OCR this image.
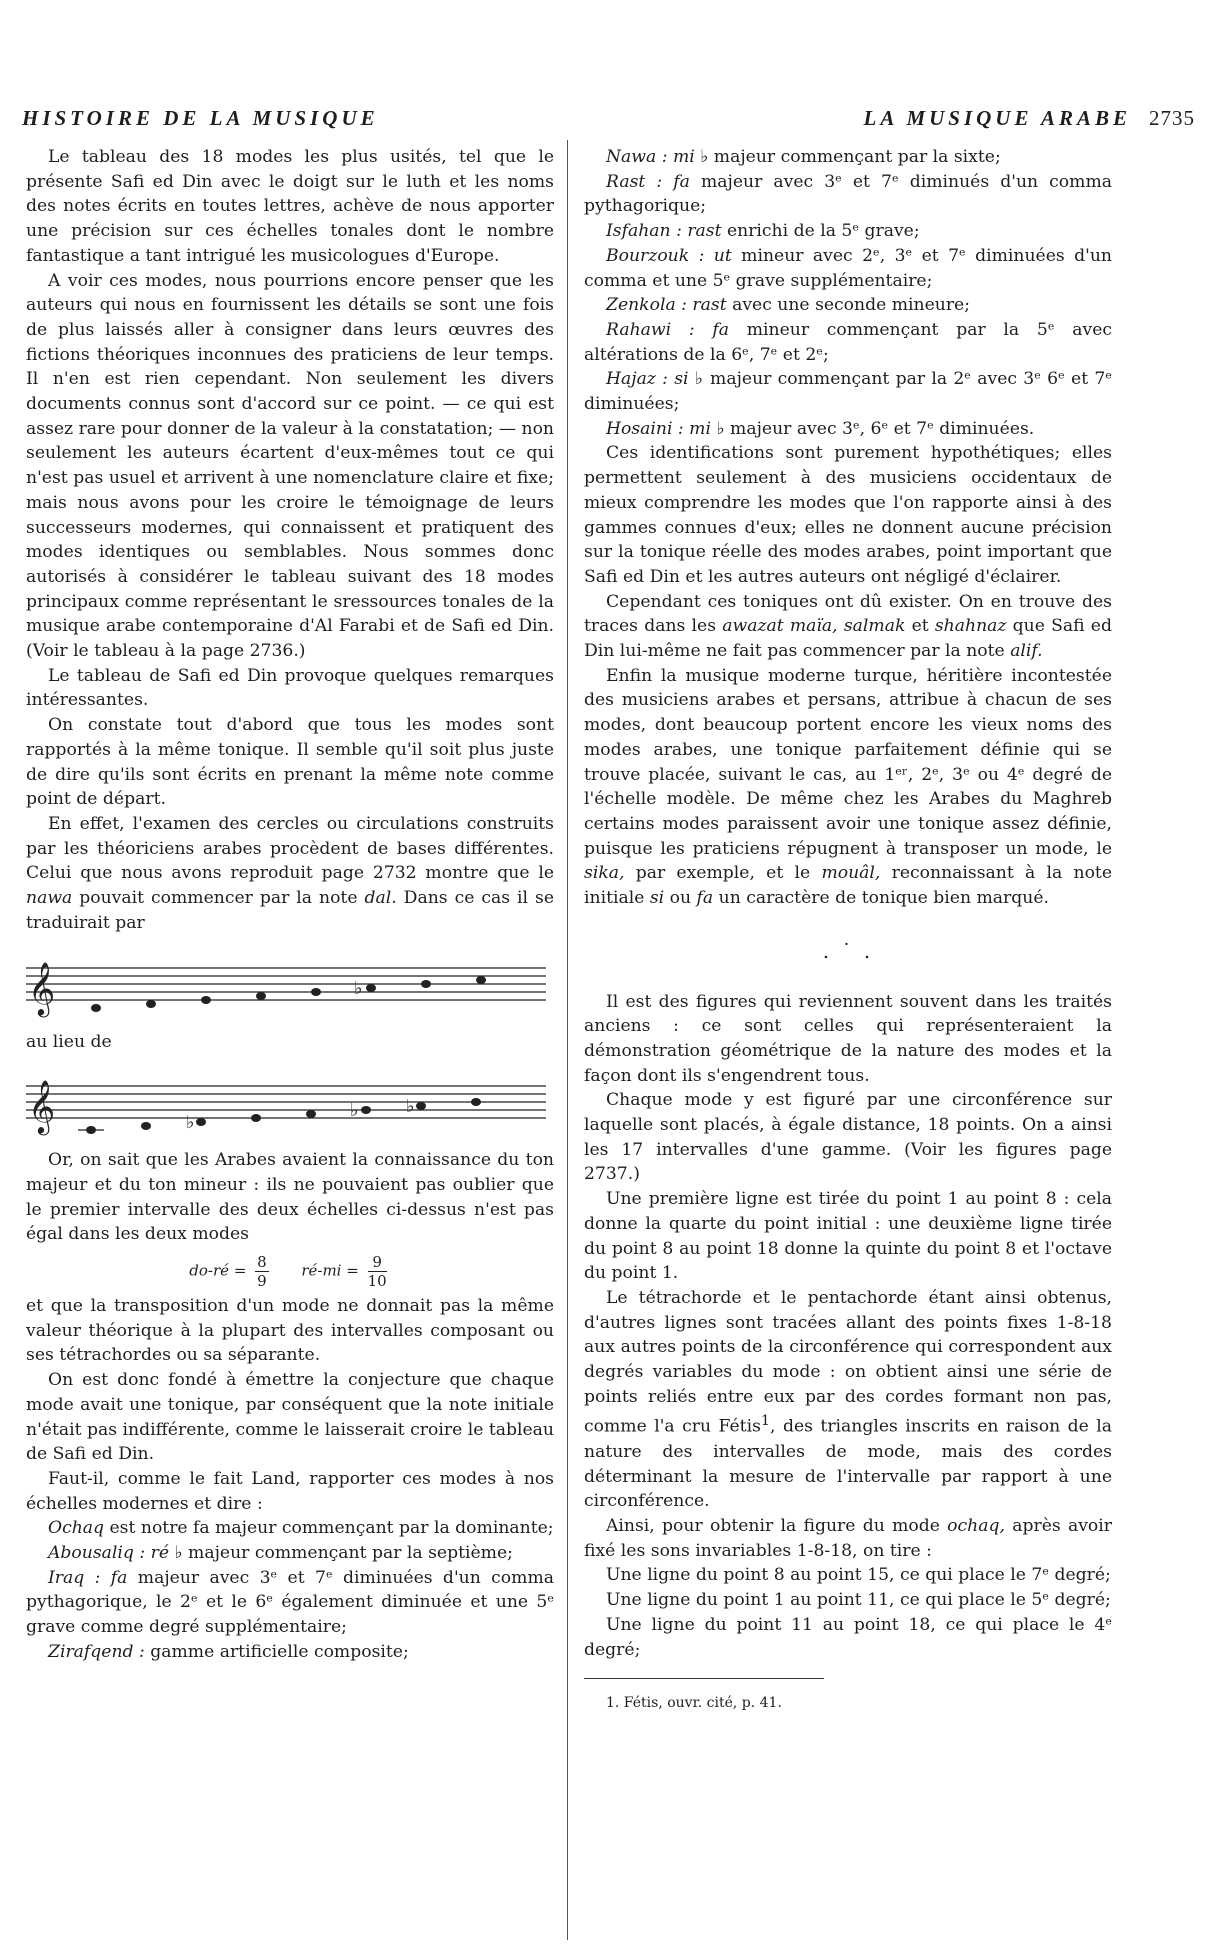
HISTOIRE DE LA MUSIQUE	LA MUSIQUE ARABE 2735

Le tableau des 18 modes les plus usités, tel que le présente Safi ed Din avec le doigt sur le luth et les noms des notes écrits en toutes lettres, achève de nous apporter une précision sur ces échelles tonales dont le nombre fantastique a tant intrigué les musicologues d'Europe.

A voir ces modes, nous pourrions encore penser que les auteurs qui nous en fournissent les détails se sont une fois de plus laissés aller à consigner dans leurs œuvres des fictions théoriques inconnues des praticiens de leur temps. Il n'en est rien cependant. Non seulement les divers documents connus sont d'accord sur ce point. — ce qui est assez rare pour donner de la valeur à la constatation; — non seulement les auteurs écartent d'eux-mêmes tout ce qui n'est pas usuel et arrivent à une nomenclature claire et fixe; mais nous avons pour les croire le témoignage de leurs successeurs modernes, qui connaissent et pratiquent des modes identiques ou semblables. Nous sommes donc autorisés à considérer le tableau suivant des 18 modes principaux comme représentant le sressources tonales de la musique arabe contemporaine d'Al Farabi et de Safi ed Din. (Voir le tableau à la page 2736.)

Le tableau de Safi ed Din provoque quelques remarques intéressantes.

On constate tout d'abord que tous les modes sont rapportés à la même tonique. Il semble qu'il soit plus juste de dire qu'ils sont écrits en prenant la même note comme point de départ.

En effet, l'examen des cercles ou circulations construits par les théoriciens arabes procèdent de bases différentes. Celui que nous avons reproduit page 2732 montre que le nawa pouvait commencer par la note dal. Dans ce cas il se traduirait par

𝄞	♭

au lieu de

𝄞	♭
♭	♭

Or, on sait que les Arabes avaient la connaissance du ton majeur et du ton mineur : ils ne pouvaient pas oublier que le premier intervalle des deux échelles ci-dessus n'est pas égal dans les deux modes

do-ré = $\frac{8}{9}$ ré-mi = $\frac{9}{10}$

et que la transposition d'un mode ne donnait pas la même valeur théorique à la plupart des intervalles composant ou ses tétrachordes ou sa séparante.

On est donc fondé à émettre la conjecture que chaque mode avait une tonique, par conséquent que la note initiale n'était pas indifférente, comme le laisserait croire le tableau de Safi ed Din.

Faut-il, comme le fait Land, rapporter ces modes à nos échelles modernes et dire :

Ochaq est notre fa majeur commençant par la dominante;

Abousaliq : ré ♭ majeur commençant par la septième;

Iraq : fa majeur avec 3ᵉ et 7ᵉ diminuées d'un comma pythagorique, le 2ᵉ et le 6ᵉ également diminuée et une 5ᵉ grave comme degré supplémentaire;

Zirafqend : gamme artificielle composite;

Nawa : mi ♭ majeur commençant par la sixte;

Rast : fa majeur avec 3ᵉ et 7ᵉ diminués d'un comma pythagorique;

Isfahan : rast enrichi de la 5ᵉ grave;

Bourzouk : ut mineur avec 2ᵉ, 3ᵉ et 7ᵉ diminuées d'un comma et une 5ᵉ grave supplémentaire;

Zenkola : rast avec une seconde mineure;

Rahawi : fa mineur commençant par la 5ᵉ avec altérations de la 6ᵉ, 7ᵉ et 2ᵉ;

Hajaz : si ♭ majeur commençant par la 2ᵉ avec 3ᵉ 6ᵉ et 7ᵉ diminuées;

Hosaini : mi ♭ majeur avec 3ᵉ, 6ᵉ et 7ᵉ diminuées.

Ces identifications sont purement hypothétiques; elles permettent seulement à des musiciens occidentaux de mieux comprendre les modes que l'on rapporte ainsi à des gammes connues d'eux; elles ne donnent aucune précision sur la tonique réelle des modes arabes, point important que Safi ed Din et les autres auteurs ont négligé d'éclairer.

Cependant ces toniques ont dû exister. On en trouve des traces dans les awazat maïa, salmak et shahnaz que Safi ed Din lui-même ne fait pas commencer par la note alif.

Enfin la musique moderne turque, héritière incontestée des musiciens arabes et persans, attribue à chacun de ses modes, dont beaucoup portent encore les vieux noms des modes arabes, une tonique parfaitement définie qui se trouve placée, suivant le cas, au 1ᵉʳ, 2ᵉ, 3ᵉ ou 4ᵉ degré de l'échelle modèle. De même chez les Arabes du Maghreb certains modes paraissent avoir une tonique assez définie, puisque les praticiens répugnent à transposer un mode, le sika, par exemple, et le mouâl, reconnaissant à la note initiale si ou fa un caractère de tonique bien marqué.

. ˙ .

Il est des figures qui reviennent souvent dans les traités anciens : ce sont celles qui représenteraient la démonstration géométrique de la nature des modes et la façon dont ils s'engendrent tous.

Chaque mode y est figuré par une circonférence sur laquelle sont placés, à égale distance, 18 points. On a ainsi les 17 intervalles d'une gamme. (Voir les figures page 2737.)

Une première ligne est tirée du point 1 au point 8 : cela donne la quarte du point initial : une deuxième ligne tirée du point 8 au point 18 donne la quinte du point 8 et l'octave du point 1.

Le tétrachorde et le pentachorde étant ainsi obtenus, d'autres lignes sont tracées allant des points fixes 1-8-18 aux autres points de la circonférence qui correspondent aux degrés variables du mode : on obtient ainsi une série de points reliés entre eux par des cordes formant non pas, comme l'a cru Fétis$^1$, des triangles inscrits en raison de la nature des intervalles de mode, mais des cordes déterminant la mesure de l'intervalle par rapport à une circonférence.

Ainsi, pour obtenir la figure du mode ochaq, après avoir fixé les sons invariables 1-8-18, on tire :

Une ligne du point 8 au point 15, ce qui place le 7ᵉ degré;

Une ligne du point 1 au point 11, ce qui place le 5ᵉ degré;

Une ligne du point 11 au point 18, ce qui place le 4ᵉ degré;

1. Fétis, ouvr. cité, p. 41.
